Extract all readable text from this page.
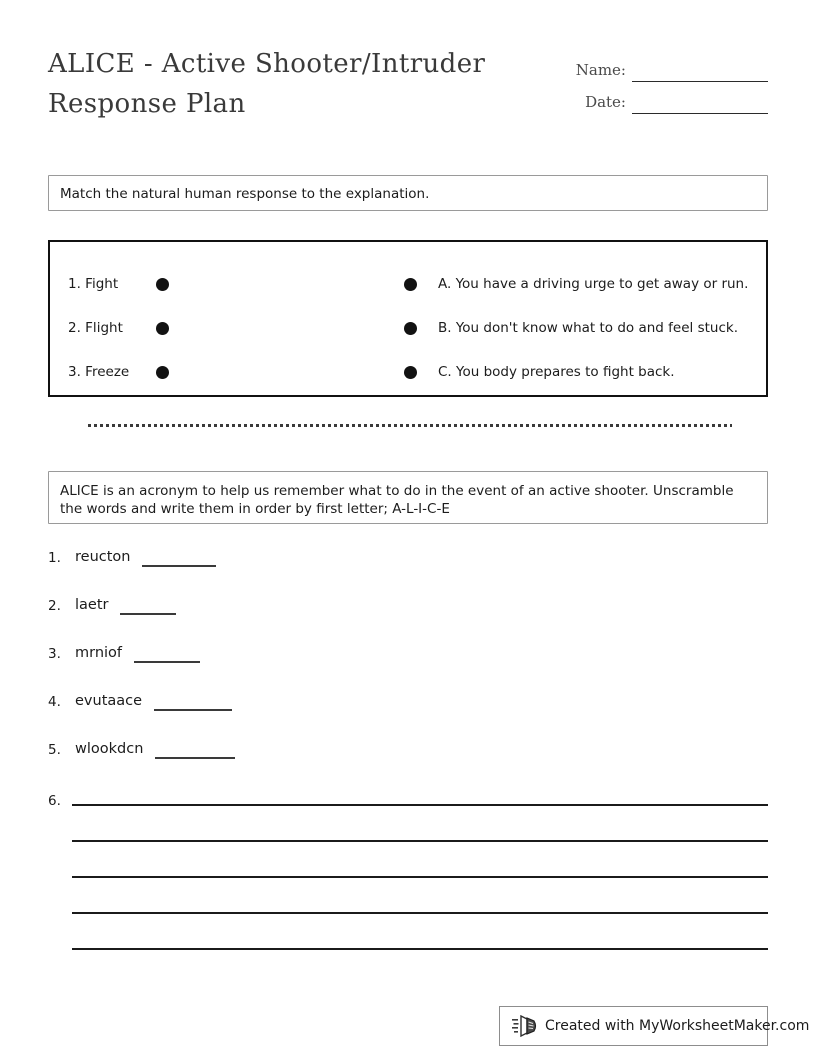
ALICE - Active Shooter/Intruder Response Plan
Name:
Date:
Match the natural human response to the explanation.
1. Fight	A. You have a driving urge to get away or run.
2. Flight	B. You don't know what to do and feel stuck.
3. Freeze	C. You body prepares to fight back.
ALICE is an acronym to help us remember what to do in the event of an active shooter. Unscramble the words and write them in order by first letter; A-L-I-C-E
1. reucton
2. laetr
3. mrniof
4. evutaace
5. wlookdcn
6.
Created with MyWorksheetMaker.com
